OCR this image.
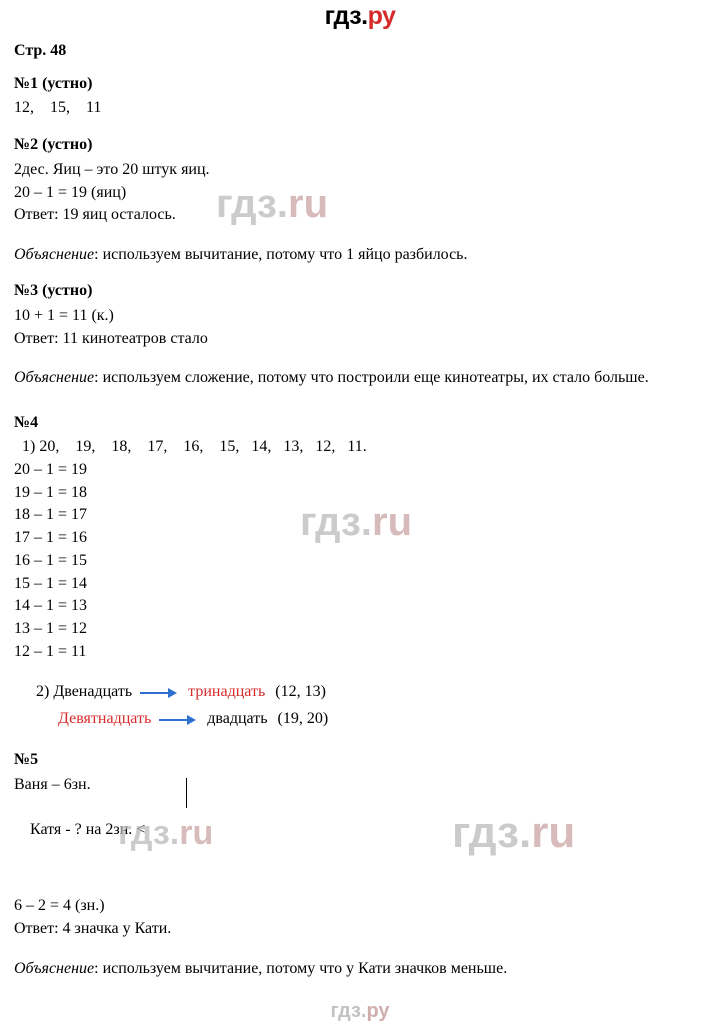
гдз.ру
Стр. 48
№1 (устно)
12,    15,    11
№2 (устно)
2дес. Яиц – это 20 штук яиц.
20 – 1 = 19 (яиц)
Ответ: 19 яиц осталось.
Объяснение: используем вычитание, потому что 1 яйцо разбилось.
№3 (устно)
10 + 1 = 11 (к.)
Ответ: 11 кинотеатров стало
Объяснение: используем сложение, потому что построили еще кинотеатры, их стало больше.
№4
1) 20,    19,    18,    17,    16,    15,   14,   13,   12,   11.
20 – 1 = 19
19 – 1 = 18
18 – 1 = 17
17 – 1 = 16
16 – 1 = 15
15 – 1 = 14
14 – 1 = 13
13 – 1 = 12
12 – 1 = 11
2) Двенадцать	тринадцать (12, 13)
Девятнадцать	двадцать (19, 20)
№5
Ваня – 6зн.

Катя - ? на 2зн. <

6 – 2 = 4 (зн.)
Ответ: 4 значка у Кати.
Объяснение: используем вычитание, потому что у Кати значков меньше.
гдз.ru
гдз.ru
гдз.ru	гдз.ru
гдз.ру
